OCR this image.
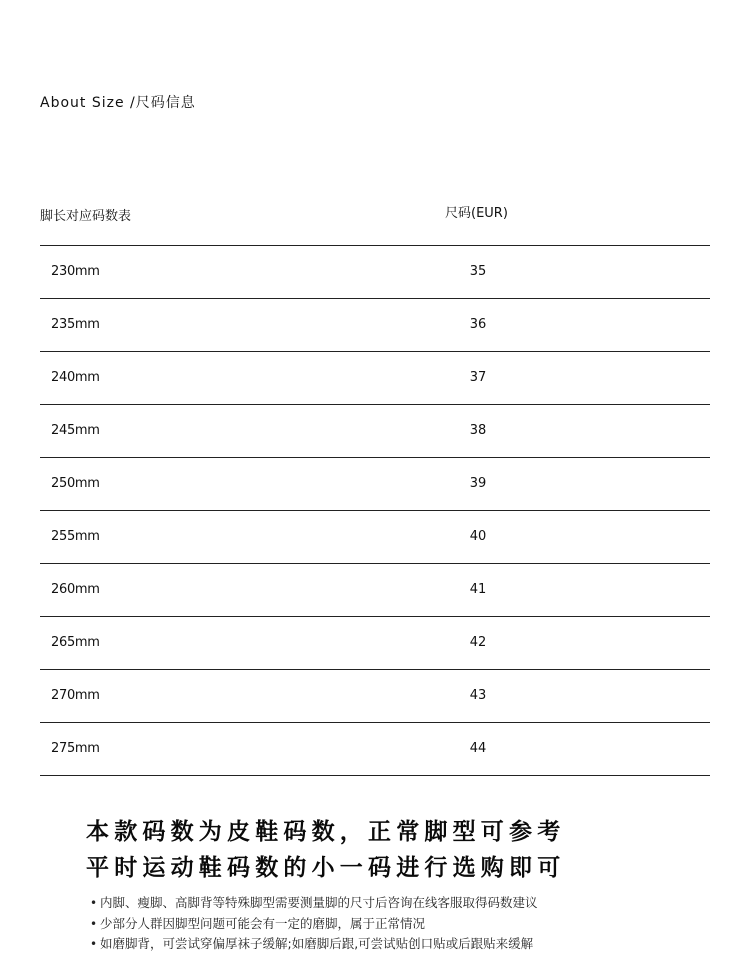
About Size /尺码信息
脚长对应码数表	尺码(EUR)
230mm	35
235mm	36
240mm	37
245mm	38
250mm	39
255mm	40
260mm	41
265mm	42
270mm	43
275mm	44
本款码数为皮鞋码数，正常脚型可参考
平时运动鞋码数的小一码进行选购即可
• 内脚、瘦脚、高脚背等特殊脚型需要测量脚的尺寸后咨询在线客服取得码数建议
• 少部分人群因脚型问题可能会有一定的磨脚，属于正常情况
• 如磨脚背，可尝试穿偏厚袜子缓解;如磨脚后跟,可尝试贴创口贴或后跟贴来缓解
